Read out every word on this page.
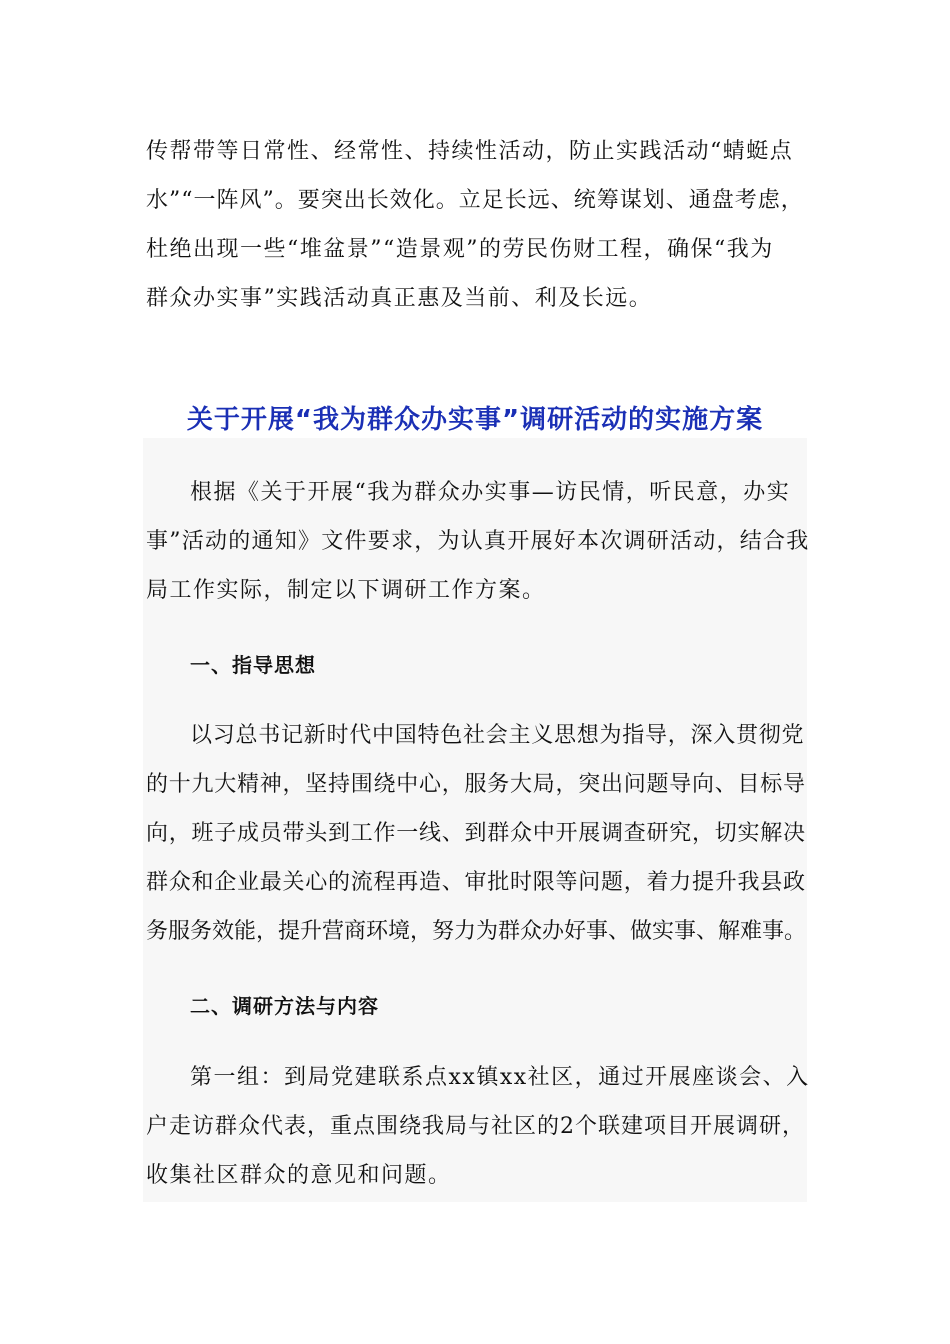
传帮带等日常性、经常性、持续性活动，防止实践活动“蜻蜓点

水”“一阵风”。要突出长效化。立足长远、统筹谋划、通盘考虑，

杜绝出现一些“堆盆景”“造景观”的劳民伤财工程，确保“我为

群众办实事”实践活动真正惠及当前、利及长远。

关于开展“我为群众办实事”调研活动的实施方案

根据《关于开展“我为群众办实事—访民情，听民意，办实

事”活动的通知》文件要求，为认真开展好本次调研活动，结合我

局工作实际，制定以下调研工作方案。

一、指导思想

以习总书记新时代中国特色社会主义思想为指导，深入贯彻党

的十九大精神，坚持围绕中心，服务大局，突出问题导向、目标导

向，班子成员带头到工作一线、到群众中开展调查研究，切实解决

群众和企业最关心的流程再造、审批时限等问题，着力提升我县政

务服务效能，提升营商环境，努力为群众办好事、做实事、解难事。

二、调研方法与内容

第一组：到局党建联系点xx镇xx社区，通过开展座谈会、入

户走访群众代表，重点围绕我局与社区的2个联建项目开展调研，

收集社区群众的意见和问题。
